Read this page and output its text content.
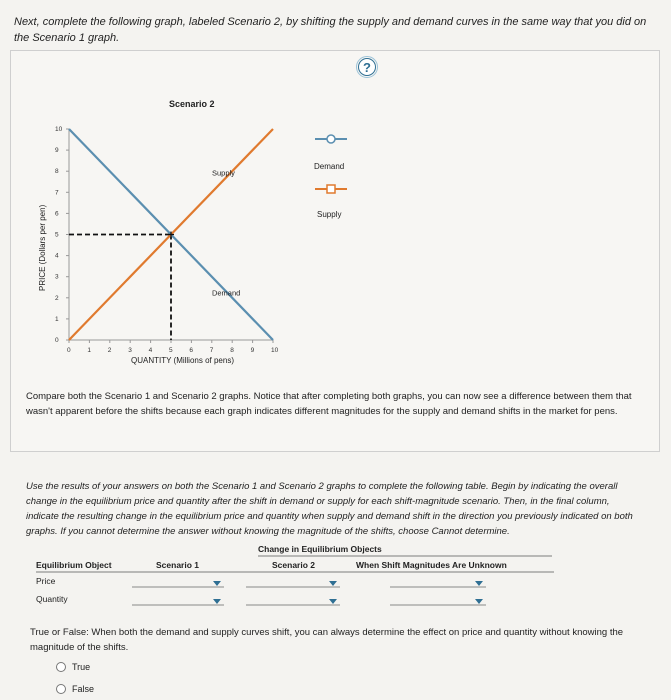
Next, complete the following graph, labeled Scenario 2, by shifting the supply and demand curves in the same way that you did on the Scenario 1 graph.
?
Scenario 2
0	1	2	3	4	5	6	7	8	9	10
0
1
2
3
4
5
6
7
8
9
10
Supply
Demand
QUANTITY (Millions of pens)
PRICE (Dollars per pen)
Demand
Supply
Compare both the Scenario 1 and Scenario 2 graphs. Notice that after completing both graphs, you can now see a difference between them that wasn't apparent before the shifts because each graph indicates different magnitudes for the supply and demand shifts in the market for pens.
Use the results of your answers on both the Scenario 1 and Scenario 2 graphs to complete the following table. Begin by indicating the overall change in the equilibrium price and quantity after the shift in demand or supply for each shift-magnitude scenario. Then, in the final column, indicate the resulting change in the equilibrium price and quantity when supply and demand shift in the direction you previously indicated on both graphs. If you cannot determine the answer without knowing the magnitude of the shifts, choose Cannot determine.
Change in Equilibrium Objects
Equilibrium Object	Scenario 1	Scenario 2	When Shift Magnitudes Are Unknown
Price
Quantity
True or False: When both the demand and supply curves shift, you can always determine the effect on price and quantity without knowing the magnitude of the shifts.
True
False
